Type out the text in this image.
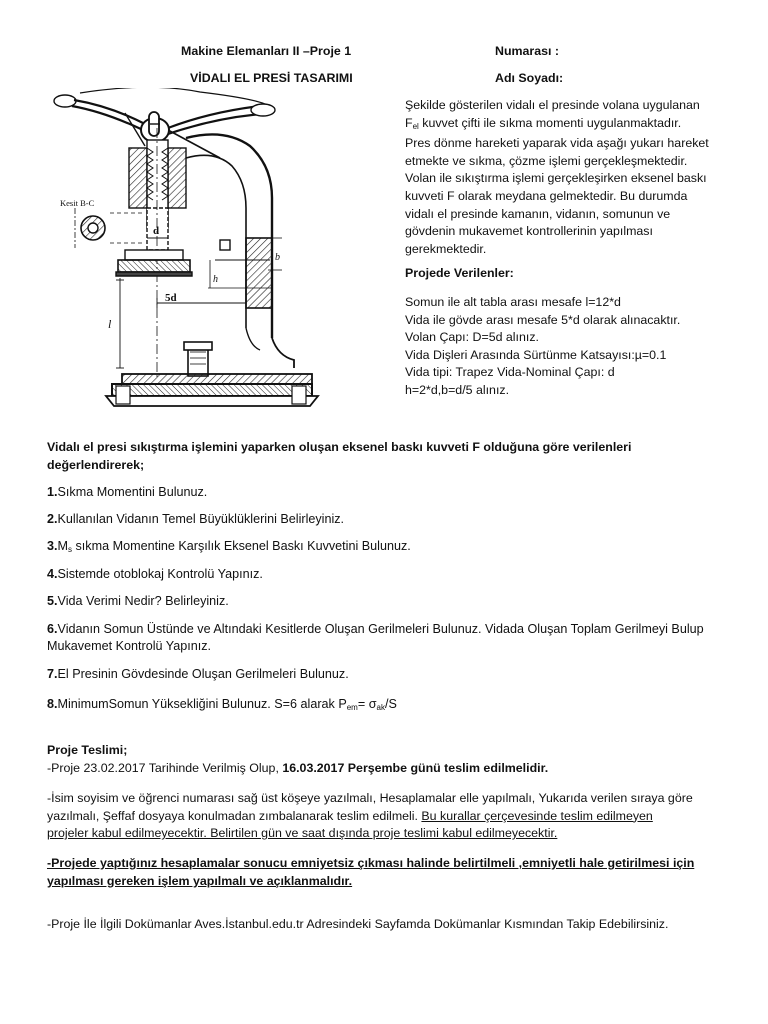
Makine Elemanları II –Proje 1
VİDALI EL PRESİ TASARIMI
Numarası :
Adı Soyadı:
Kesit B-C
h
b
l
5d
d

Şekilde gösterilen vidalı el presinde volana uygulanan

$F_{el}$ kuvvet çifti ile sıkma momenti uygulanmaktadır.

Pres dönme hareketi yaparak vida aşağı yukarı hareket

etmekte ve sıkma, çözme işlemi gerçekleşmektedir.

Volan ile sıkıştırma işlemi gerçekleşirken eksenel baskı

kuvveti F olarak meydana gelmektedir. Bu durumda

vidalı el presinde kamanın, vidanın, somunun ve

gövdenin mukavemet kontrollerinin yapılması

gerekmektedir.

Projede Verilenler:

Somun ile alt tabla arası mesafe l=12*d

Vida ile gövde arası mesafe 5*d olarak alınacaktır.

Volan Çapı: D=5d alınız.

Vida Dişleri Arasında Sürtünme Katsayısı:µ=0.1

Vida tipi: Trapez Vida-Nominal Çapı: d

h=2*d,b=d/5 alınız.

Vidalı el presi sıkıştırma işlemini yaparken oluşan eksenel baskı kuvveti F olduğuna göre verilenleri

değerlendirerek;

1.Sıkma Momentini Bulunuz.
2.Kullanılan Vidanın Temel Büyüklüklerini Belirleyiniz.
$3.M_s$ sıkma Momentine Karşılık Eksenel Baskı Kuvvetini Bulunuz.
4.Sistemde otoblokaj Kontrolü Yapınız.
5.Vida Verimi Nedir? Belirleyiniz.

6.Vidanın Somun Üstünde ve Altındaki Kesitlerde Oluşan Gerilmeleri Bulunuz. Vidada Oluşan Toplam Gerilmeyi Bulup

Mukavemet Kontrolü Yapınız.

7.El Presinin Gövdesinde Oluşan Gerilmeleri Bulunuz.
8.MinimumSomun Yüksekliğini Bulunuz. S=6 alarak $P_{em}= \sigma_{ak}/S$

Proje Teslimi;

-Proje 23.02.2017 Tarihinde Verilmiş Olup, 16.03.2017 Perşembe günü teslim edilmelidir.

-İsim soyisim ve öğrenci numarası sağ üst köşeye yazılmalı, Hesaplamalar elle yapılmalı, Yukarıda verilen sıraya göre

yazılmalı, Şeffaf dosyaya konulmadan zımbalanarak teslim edilmeli. Bu kurallar çerçevesinde teslim edilmeyen

projeler kabul edilmeyecektir. Belirtilen gün ve saat dışında proje teslimi kabul edilmeyecektir.

-Projede yaptığınız hesaplamalar sonucu emniyetsiz çıkması halinde belirtilmeli ,emniyetli hale getirilmesi için

yapılması gereken işlem yapılmalı ve açıklanmalıdır.

-Proje İle İlgili Dokümanlar Aves.İstanbul.edu.tr Adresindeki Sayfamda Dokümanlar Kısmından Takip Edebilirsiniz.
